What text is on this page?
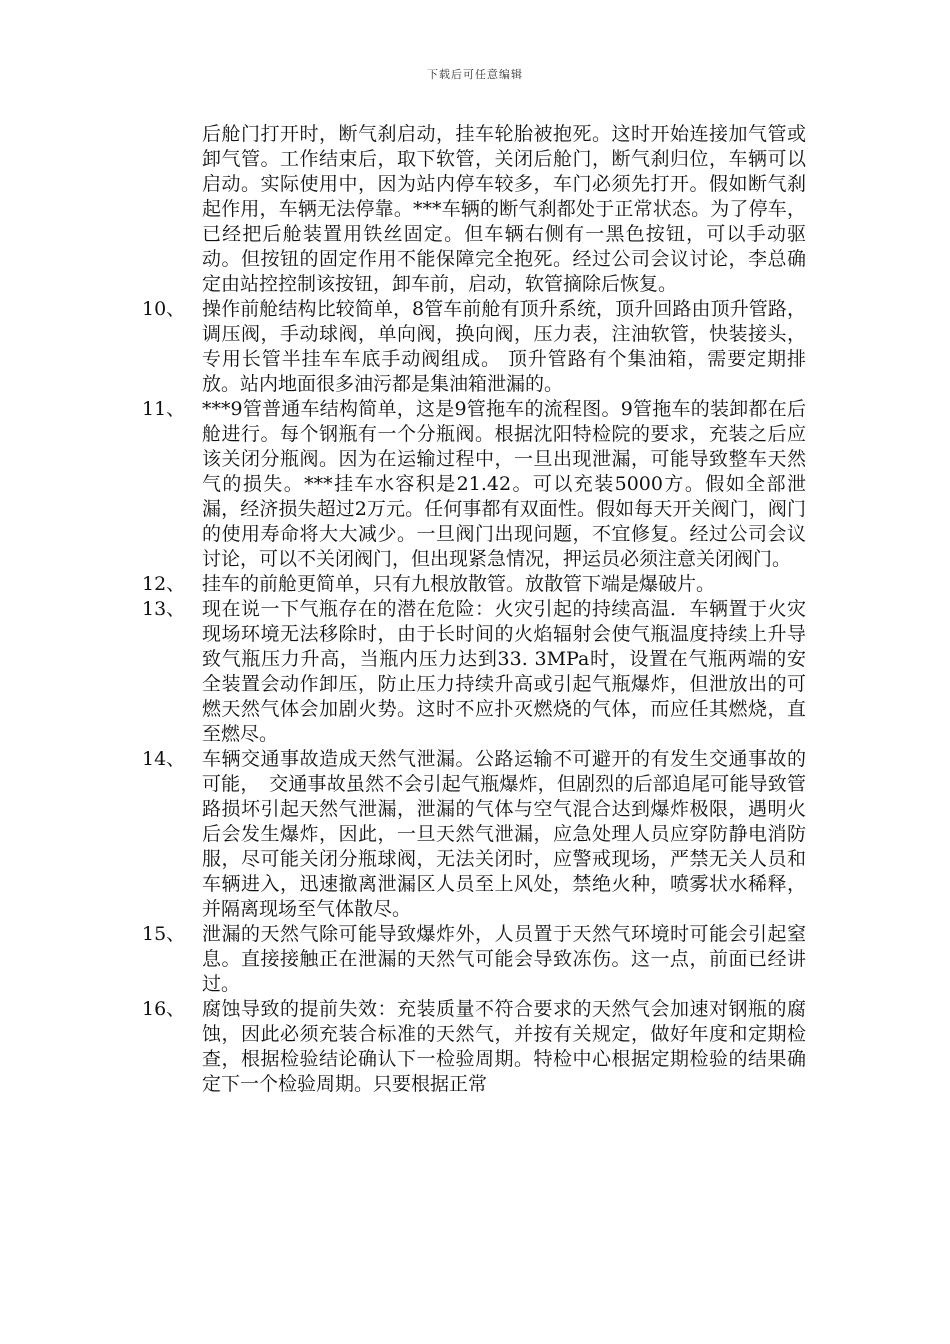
下载后可任意编辑
后舱门打开时，断气刹启动，挂车轮胎被抱死。这时开始连接加气管或卸气管。工作结束后，取下软管，关闭后舱门，断气刹归位，车辆可以启动。实际使用中，因为站内停车较多，车门必须先打开。假如断气刹起作用，车辆无法停靠。***车辆的断气刹都处于正常状态。为了停车，已经把后舱装置用铁丝固定。但车辆右侧有一黑色按钮，可以手动驱动。但按钮的固定作用不能保障完全抱死。经过公司会议讨论，李总确定由站控控制该按钮，卸车前，启动，软管摘除后恢复。
10、 操作前舱结构比较简单，8管车前舱有顶升系统，顶升回路由顶升管路，调压阀，手动球阀，单向阀，换向阀，压力表，注油软管，快装接头，专用长管半挂车车底手动阀组成。 顶升管路有个集油箱，需要定期排放。站内地面很多油污都是集油箱泄漏的。
11、 ***9管普通车结构简单，这是9管拖车的流程图。9管拖车的装卸都在后舱进行。每个钢瓶有一个分瓶阀。根据沈阳特检院的要求，充装之后应该关闭分瓶阀。因为在运输过程中，一旦出现泄漏，可能导致整车天然气的损失。***挂车水容积是21.42。可以充装5000方。假如全部泄漏，经济损失超过2万元。任何事都有双面性。假如每天开关阀门，阀门的使用寿命将大大减少。一旦阀门出现问题，不宜修复。经过公司会议讨论，可以不关闭阀门，但出现紧急情况，押运员必须注意关闭阀门。
12、 挂车的前舱更简单，只有九根放散管。放散管下端是爆破片。
13、 现在说一下气瓶存在的潜在危险：火灾引起的持续高温．车辆置于火灾现场环境无法移除时，由于长时间的火焰辐射会使气瓶温度持续上升导致气瓶压力升高，当瓶内压力达到33. 3MPa时，设置在气瓶两端的安全装置会动作卸压，防止压力持续升高或引起气瓶爆炸，但泄放出的可燃天然气体会加剧火势。这时不应扑灭燃烧的气体，而应任其燃烧，直至燃尽。
14、 车辆交通事故造成天然气泄漏。公路运输不可避开的有发生交通事故的可能，　交通事故虽然不会引起气瓶爆炸，但剧烈的后部追尾可能导致管路损坏引起天然气泄漏，泄漏的气体与空气混合达到爆炸极限，遇明火后会发生爆炸，因此，一旦天然气泄漏，应急处理人员应穿防静电消防服，尽可能关闭分瓶球阀，无法关闭时，应警戒现场，严禁无关人员和车辆进入，迅速撤离泄漏区人员至上风处，禁绝火种，喷雾状水稀释，并隔离现场至气体散尽。
15、 泄漏的天然气除可能导致爆炸外，人员置于天然气环境时可能会引起窒息。直接接触正在泄漏的天然气可能会导致冻伤。这一点，前面已经讲过。
16、 腐蚀导致的提前失效：充装质量不符合要求的天然气会加速对钢瓶的腐蚀，因此必须充装合标准的天然气，并按有关规定，做好年度和定期检查，根据检验结论确认下一检验周期。特检中心根据定期检验的结果确定下一个检验周期。只要根据正常
